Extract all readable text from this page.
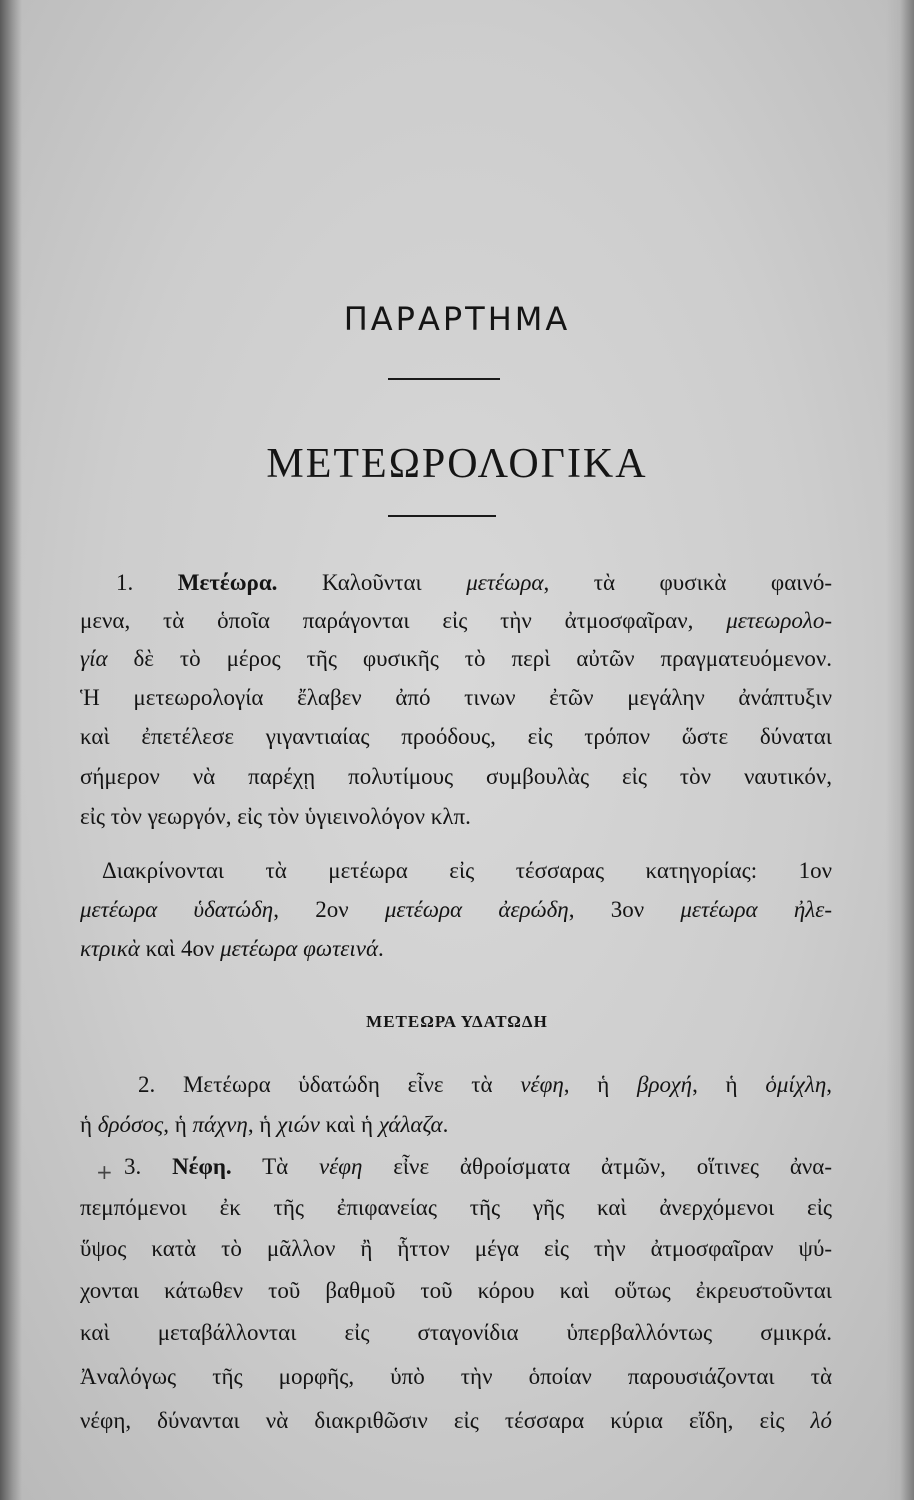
ΠΑΡΑΡΤΗΜΑ
ΜΕΤΕΩΡΟΛΟΓΙΚΑ
1. Μετέωρα. Καλοῦνται μετέωρα, τὰ φυσικὰ φαινό-
μενα, τὰ ὁποῖα παράγονται εἰς τὴν ἀτμοσφαῖραν, μετεωρολο-
γία δὲ τὸ μέρος τῆς φυσικῆς τὸ περὶ αὐτῶν πραγματευόμενον.
Ἡ μετεωρολογία ἔλαβεν ἀπό τινων ἐτῶν μεγάλην ἀνάπτυξιν
καὶ ἐπετέλεσε γιγαντιαίας προόδους, εἰς τρόπον ὥστε δύναται
σήμερον νὰ παρέχῃ πολυτίμους συμβουλὰς εἰς τὸν ναυτικόν,
εἰς τὸν γεωργόν, εἰς τὸν ὑγιεινολόγον κλπ.
Διακρίνονται τὰ μετέωρα εἰς τέσσαρας κατηγορίας: 1ον
μετέωρα ὑδατώδη, 2ον μετέωρα ἀερώδη, 3ον μετέωρα ἠλε-
κτρικὰ καὶ 4ον μετέωρα φωτεινά.
ΜΕΤΕΩΡΑ ΥΔΑΤΩΔΗ
2. Μετέωρα ὑδατώδη εἶνε τὰ νέφη, ἡ βροχή, ἡ ὁμίχλη,
ἡ δρόσος, ἡ πάχνη, ἡ χιών καὶ ἡ χάλαζα.
+ 3. Νέφη. Τὰ νέφη εἶνε ἀθροίσματα ἀτμῶν, οἵτινες ἀνα-
πεμπόμενοι ἐκ τῆς ἐπιφανείας τῆς γῆς καὶ ἀνερχόμενοι εἰς
ὕψος κατὰ τὸ μᾶλλον ἢ ἧττον μέγα εἰς τὴν ἀτμοσφαῖραν ψύ-
χονται κάτωθεν τοῦ βαθμοῦ τοῦ κόρου καὶ οὕτως ἐκρευστοῦνται
καὶ μεταβάλλονται εἰς σταγονίδια ὑπερβαλλόντως σμικρά.
Ἀναλόγως τῆς μορφῆς, ὑπὸ τὴν ὁποίαν παρουσιάζονται τὰ
νέφη, δύνανται νὰ διακριθῶσιν εἰς τέσσαρα κύρια εἴδη, εἰς λό
